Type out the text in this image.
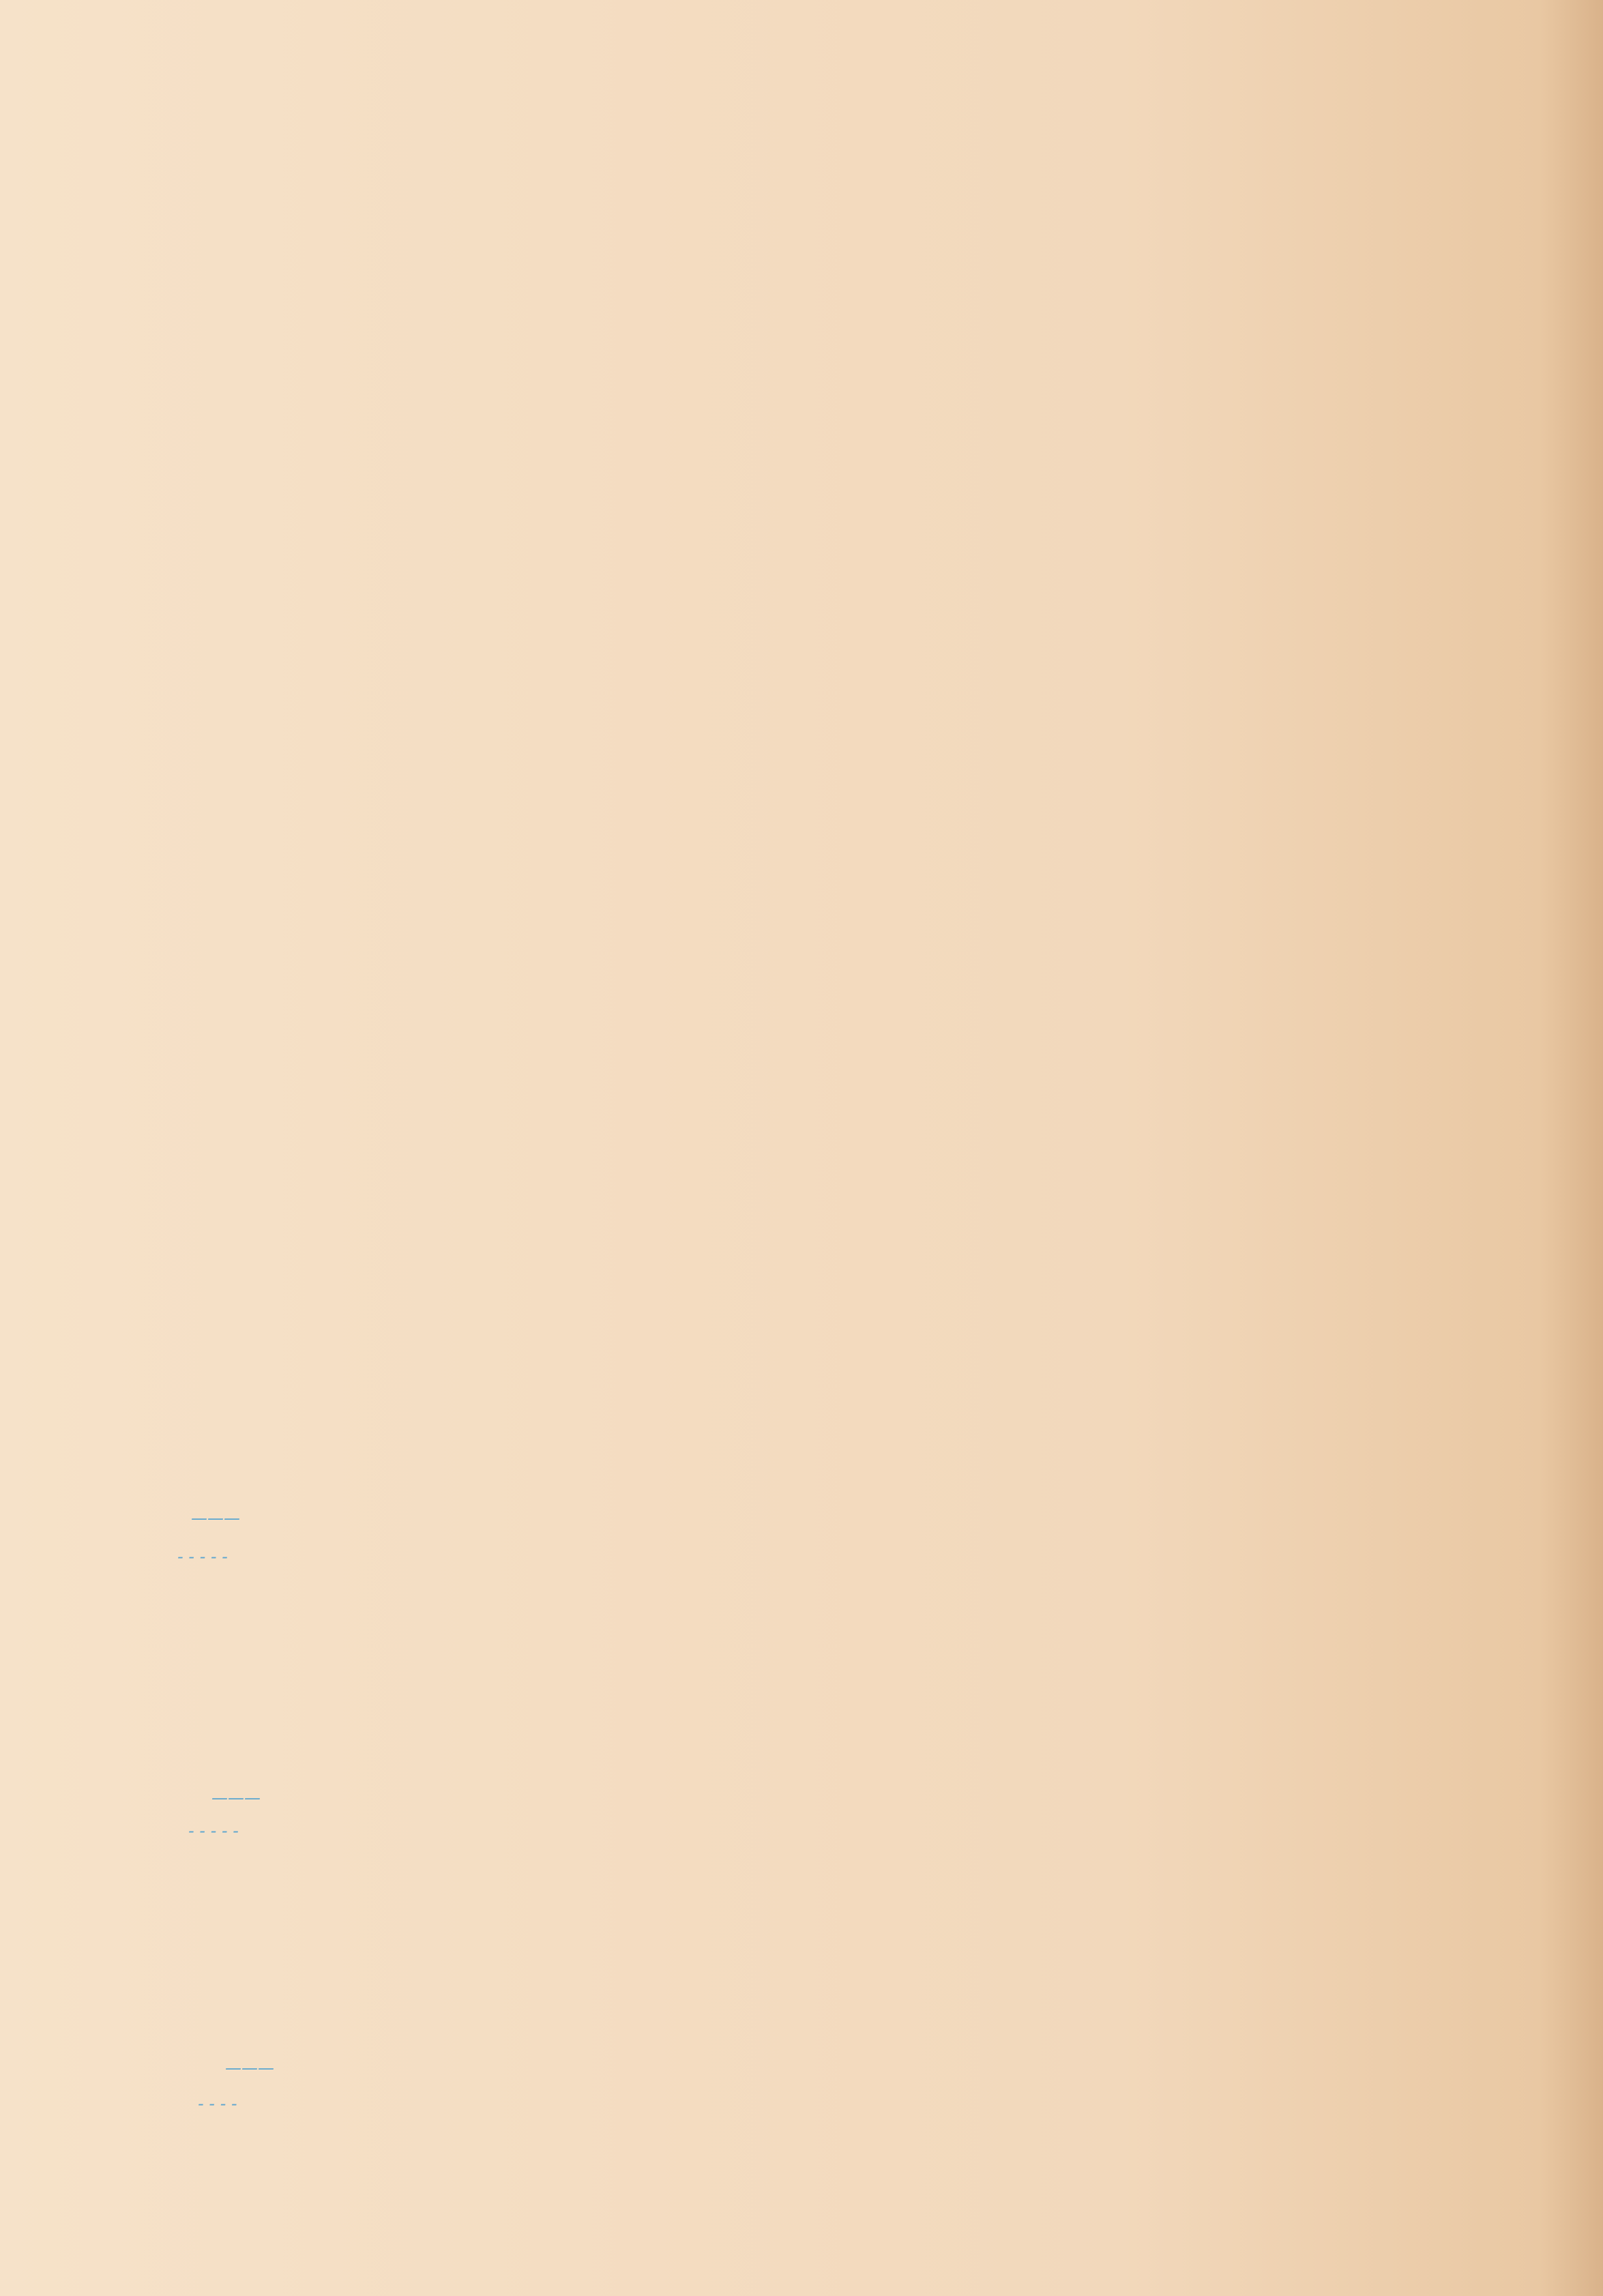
———
- - - - -
———
- - - - -
———
- - - -
